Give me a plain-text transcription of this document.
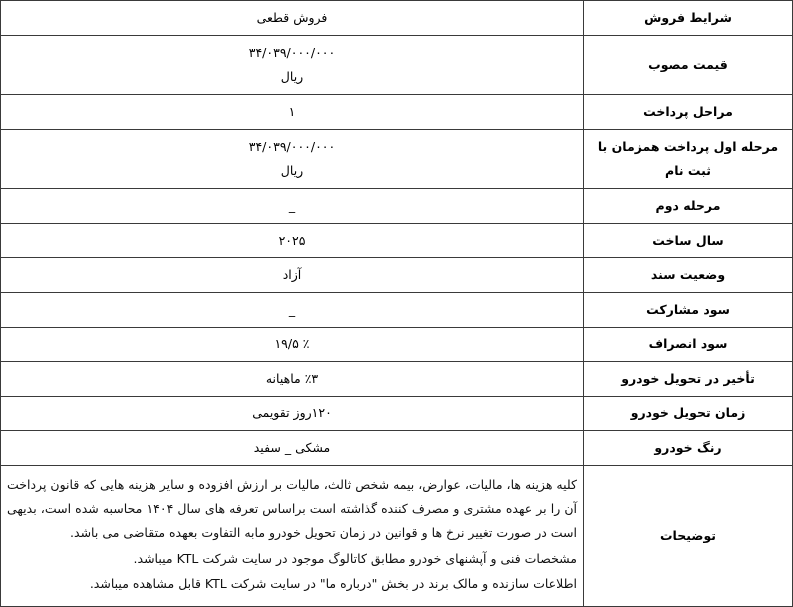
شرایط فروش	فروش قطعی

قیمت مصوب	۳۴/۰۳۹/۰۰۰/۰۰۰
ریال

مراحل پرداخت	۱

مرحله اول پرداخت همزمان با ثبت نام	۳۴/۰۳۹/۰۰۰/۰۰۰
ریال

مرحله دوم	_

سال ساخت	۲۰۲۵

وضعیت سند	آزاد

سود مشارکت	_

سود انصراف	٪ ۱۹/۵

تأخیر در تحویل خودرو	٪۳ ماهیانه

زمان تحویل خودرو	۱۲۰روز تقویمی

رنگ خودرو	مشکی _ سفید

توضیحات	کلیه هزینه ها، مالیات، عوارض، بیمه شخص ثالث، مالیات بر ارزش افزوده و سایر هزینه هایی که قانون پرداخت آن را بر عهده مشتری و مصرف کننده گذاشته است براساس تعرفه های سال ۱۴۰۴ محاسبه شده است، بدیهی است در صورت تغییر نرخ ها و قوانین در زمان تحویل خودرو مابه التفاوت بعهده متقاضی می باشد.

مشخصات فنی و آپشنهای خودرو مطابق کاتالوگ موجود در سایت شرکت KTL میباشد.

اطلاعات سازنده و مالک برند در بخش "درباره ما" در سایت شرکت KTL قابل مشاهده میباشد.
